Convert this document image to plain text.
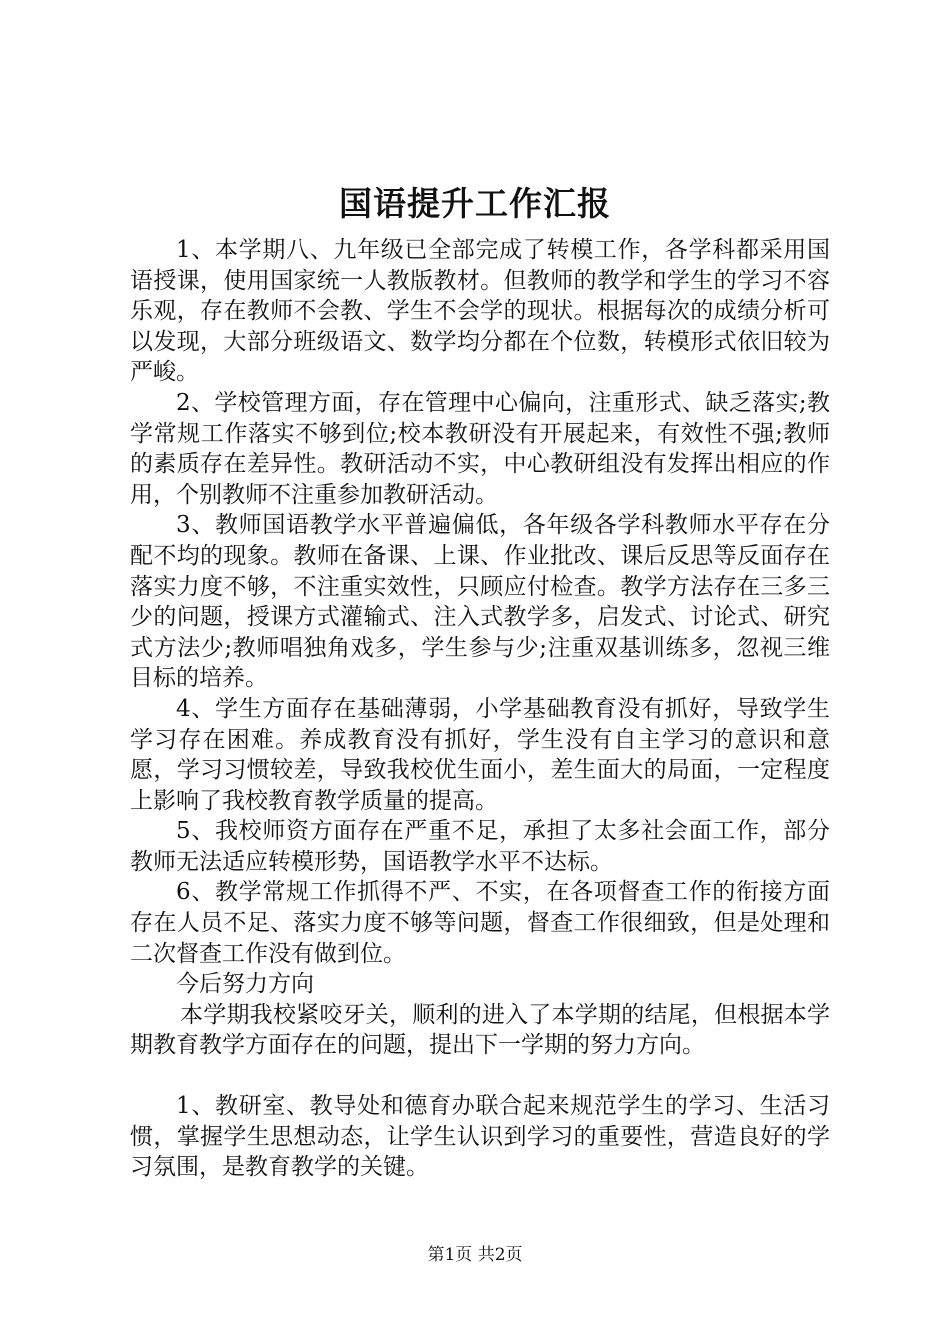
国语提升工作汇报

1、本学期八、九年级已全部完成了转模工作，各学科都采用国语授课，使用国家统一人教版教材。但教师的教学和学生的学习不容乐观，存在教师不会教、学生不会学的现状。根据每次的成绩分析可以发现，大部分班级语文、数学均分都在个位数，转模形式依旧较为严峻。

2、学校管理方面，存在管理中心偏向，注重形式、缺乏落实;教学常规工作落实不够到位;校本教研没有开展起来，有效性不强;教师的素质存在差异性。教研活动不实，中心教研组没有发挥出相应的作用，个别教师不注重参加教研活动。

3、教师国语教学水平普遍偏低，各年级各学科教师水平存在分配不均的现象。教师在备课、上课、作业批改、课后反思等反面存在落实力度不够，不注重实效性，只顾应付检查。教学方法存在三多三少的问题，授课方式灌输式、注入式教学多，启发式、讨论式、研究式方法少;教师唱独角戏多，学生参与少;注重双基训练多，忽视三维目标的培养。

4、学生方面存在基础薄弱，小学基础教育没有抓好，导致学生学习存在困难。养成教育没有抓好，学生没有自主学习的意识和意愿，学习习惯较差，导致我校优生面小，差生面大的局面，一定程度上影响了我校教育教学质量的提高。

5、我校师资方面存在严重不足，承担了太多社会面工作，部分教师无法适应转模形势，国语教学水平不达标。

6、教学常规工作抓得不严、不实，在各项督查工作的衔接方面存在人员不足、落实力度不够等问题，督查工作很细致，但是处理和二次督查工作没有做到位。

今后努力方向

本学期我校紧咬牙关，顺利的进入了本学期的结尾，但根据本学期教育教学方面存在的问题，提出下一学期的努力方向。

1、教研室、教导处和德育办联合起来规范学生的学习、生活习惯，掌握学生思想动态，让学生认识到学习的重要性，营造良好的学习氛围，是教育教学的关键。

第1页 共2页
